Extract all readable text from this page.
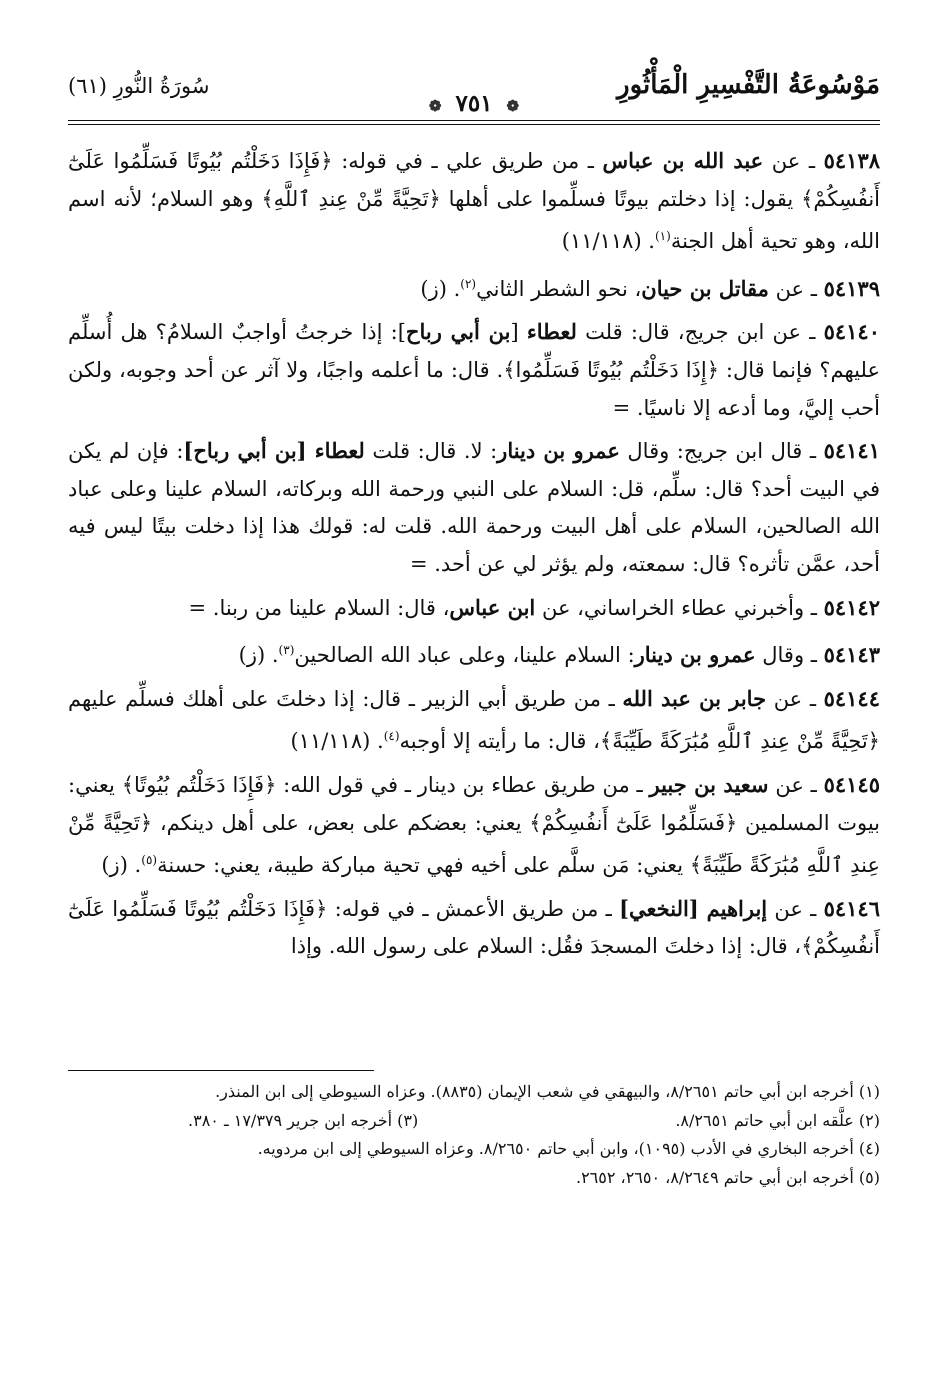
مَوْسُوعَةُ التَّفْسِيرِ الْمَأْثُورِ
سُورَةُ النُّورِ (٦١)
❁ ٧٥١ ❁

٥٤١٣٨ ـ عن عبد الله بن عباس ـ من طريق علي ـ في قوله: ﴿فَإِذَا دَخَلْتُم بُيُوتًا فَسَلِّمُوا عَلَىٰٓ أَنفُسِكُمْ﴾ يقول: إذا دخلتم بيوتًا فسلِّموا على أهلها ﴿تَحِيَّةً مِّنْ عِندِ ٱللَّهِ﴾ وهو السلام؛ لأنه اسم الله، وهو تحية أهل الجنة$^{(١)}$. (١١/١١٨)

٥٤١٣٩ ـ عن مقاتل بن حيان، نحو الشطر الثاني$^{(٢)}$. (ز)

٥٤١٤٠ ـ عن ابن جريج، قال: قلت لعطاء [بن أبي رباح]: إذا خرجتُ أواجبٌ السلامُ؟ هل أُسلِّم عليهم؟ فإنما قال: ﴿إِذَا دَخَلْتُم بُيُوتًا فَسَلِّمُوا﴾. قال: ما أعلمه واجبًا، ولا آثر عن أحد وجوبه، ولكن أحب إليَّ، وما أدعه إلا ناسيًا. =

٥٤١٤١ ـ قال ابن جريج: وقال عمرو بن دينار: لا. قال: قلت لعطاء [بن أبي رباح]: فإن لم يكن في البيت أحد؟ قال: سلِّم، قل: السلام على النبي ورحمة الله وبركاته، السلام علينا وعلى عباد الله الصالحين، السلام على أهل البيت ورحمة الله. قلت له: قولك هذا إذا دخلت بيتًا ليس فيه أحد، عمَّن تأثره؟ قال: سمعته، ولم يؤثر لي عن أحد. =

٥٤١٤٢ ـ وأخبرني عطاء الخراساني، عن ابن عباس، قال: السلام علينا من ربنا. =

٥٤١٤٣ ـ وقال عمرو بن دينار: السلام علينا، وعلى عباد الله الصالحين$^{(٣)}$. (ز)

٥٤١٤٤ ـ عن جابر بن عبد الله ـ من طريق أبي الزبير ـ قال: إذا دخلتَ على أهلك فسلِّم عليهم ﴿تَحِيَّةً مِّنْ عِندِ ٱللَّهِ مُبَٰرَكَةً طَيِّبَةً﴾، قال: ما رأيته إلا أوجبه$^{(٤)}$. (١١/١١٨)

٥٤١٤٥ ـ عن سعيد بن جبير ـ من طريق عطاء بن دينار ـ في قول الله: ﴿فَإِذَا دَخَلْتُم بُيُوتًا﴾ يعني: بيوت المسلمين ﴿فَسَلِّمُوا عَلَىٰٓ أَنفُسِكُمْ﴾ يعني: بعضكم على بعض، على أهل دينكم، ﴿تَحِيَّةً مِّنْ عِندِ ٱللَّهِ مُبَٰرَكَةً طَيِّبَةً﴾ يعني: مَن سلَّم على أخيه فهي تحية مباركة طيبة، يعني: حسنة$^{(٥)}$. (ز)

٥٤١٤٦ ـ عن إبراهيم [النخعي] ـ من طريق الأعمش ـ في قوله: ﴿فَإِذَا دَخَلْتُم بُيُوتًا فَسَلِّمُوا عَلَىٰٓ أَنفُسِكُمْ﴾، قال: إذا دخلتَ المسجدَ فقُل: السلام على رسول الله. وإذا

(١) أخرجه ابن أبي حاتم ٨/٢٦٥١، والبيهقي في شعب الإيمان (٨٨٣٥). وعزاه السيوطي إلى ابن المنذر.
(٢) علَّقه ابن أبي حاتم ٨/٢٦٥١.
(٣) أخرجه ابن جرير ١٧/٣٧٩ ـ ٣٨٠.
(٤) أخرجه البخاري في الأدب (١٠٩٥)، وابن أبي حاتم ٨/٢٦٥٠. وعزاه السيوطي إلى ابن مردويه.
(٥) أخرجه ابن أبي حاتم ٨/٢٦٤٩، ٢٦٥٠، ٢٦٥٢.
